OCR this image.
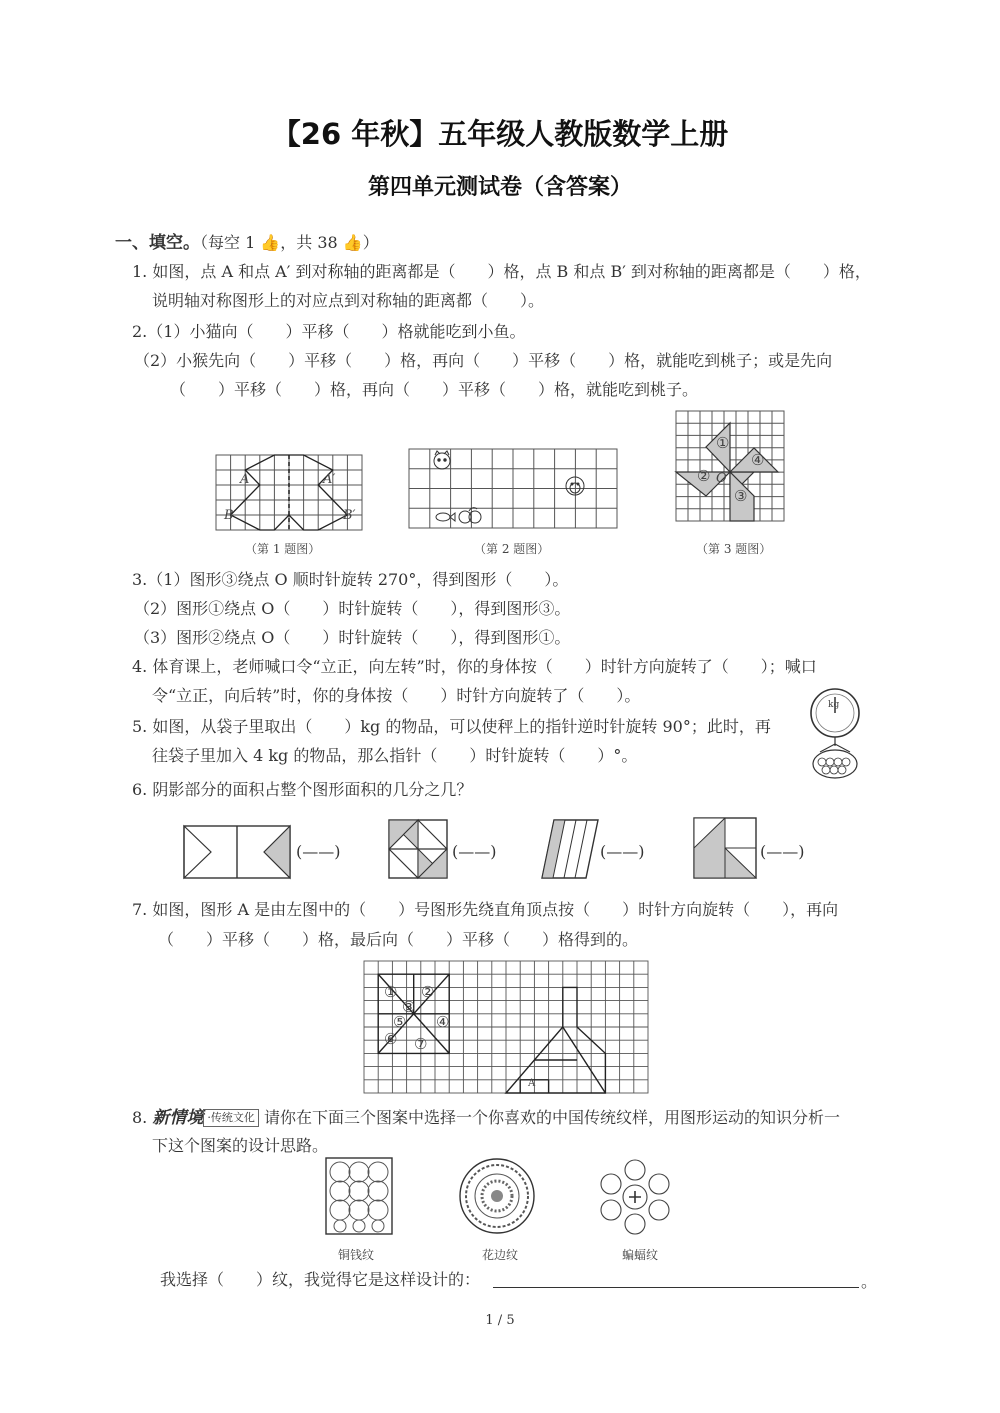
【26 年秋】五年级人教版数学上册
第四单元测试卷（含答案）
一、填空。（每空 1 👍，共 38 👍）
1. 如图，点 A 和点 A′ 到对称轴的距离都是（　　）格，点 B 和点 B′ 到对称轴的距离都是（　　）格，
说明轴对称图形上的对应点到对称轴的距离都（　　）。
2.（1）小猫向（　　）平移（　　）格就能吃到小鱼。
（2）小猴先向（　　）平移（　　）格，再向（　　）平移（　　）格，就能吃到桃子；或是先向
（　　）平移（　　）格，再向（　　）平移（　　）格，就能吃到桃子。
A	A′
B	B′
①
②
③
④
O
（第 1 题图）	（第 2 题图）	（第 3 题图）
3.（1）图形③绕点 O 顺时针旋转 270°，得到图形（　　）。
（2）图形①绕点 O（　　）时针旋转（　　），得到图形③。
（3）图形②绕点 O（　　）时针旋转（　　），得到图形①。
4. 体育课上，老师喊口令“立正，向左转”时，你的身体按（　　）时针方向旋转了（　　）；喊口
令“立正，向后转”时，你的身体按（　　）时针方向旋转了（　　）。
5. 如图，从袋子里取出（　　）kg 的物品，可以使秤上的指针逆时针旋转 90°；此时，再
往袋子里加入 4 kg 的物品，那么指针（　　）时针旋转（　　）°。
kg
6. 阴影部分的面积占整个图形面积的几分之几？
(——)	(——)	(——)	(——)
7. 如图，图形 A 是由左图中的（　　）号图形先绕直角顶点按（　　）时针方向旋转（　　），再向
（　　）平移（　　）格，最后向（　　）平移（　　）格得到的。
① ②
③
④
⑤
⑥ ⑦
A
8. 新情境 ·传统文化 请你在下面三个图案中选择一个你喜欢的中国传统纹样，用图形运动的知识分析一
下这个图案的设计思路。
铜钱纹	花边纹	蝙蝠纹
我选择（　　）纹，我觉得它是这样设计的：	。
1 / 5
